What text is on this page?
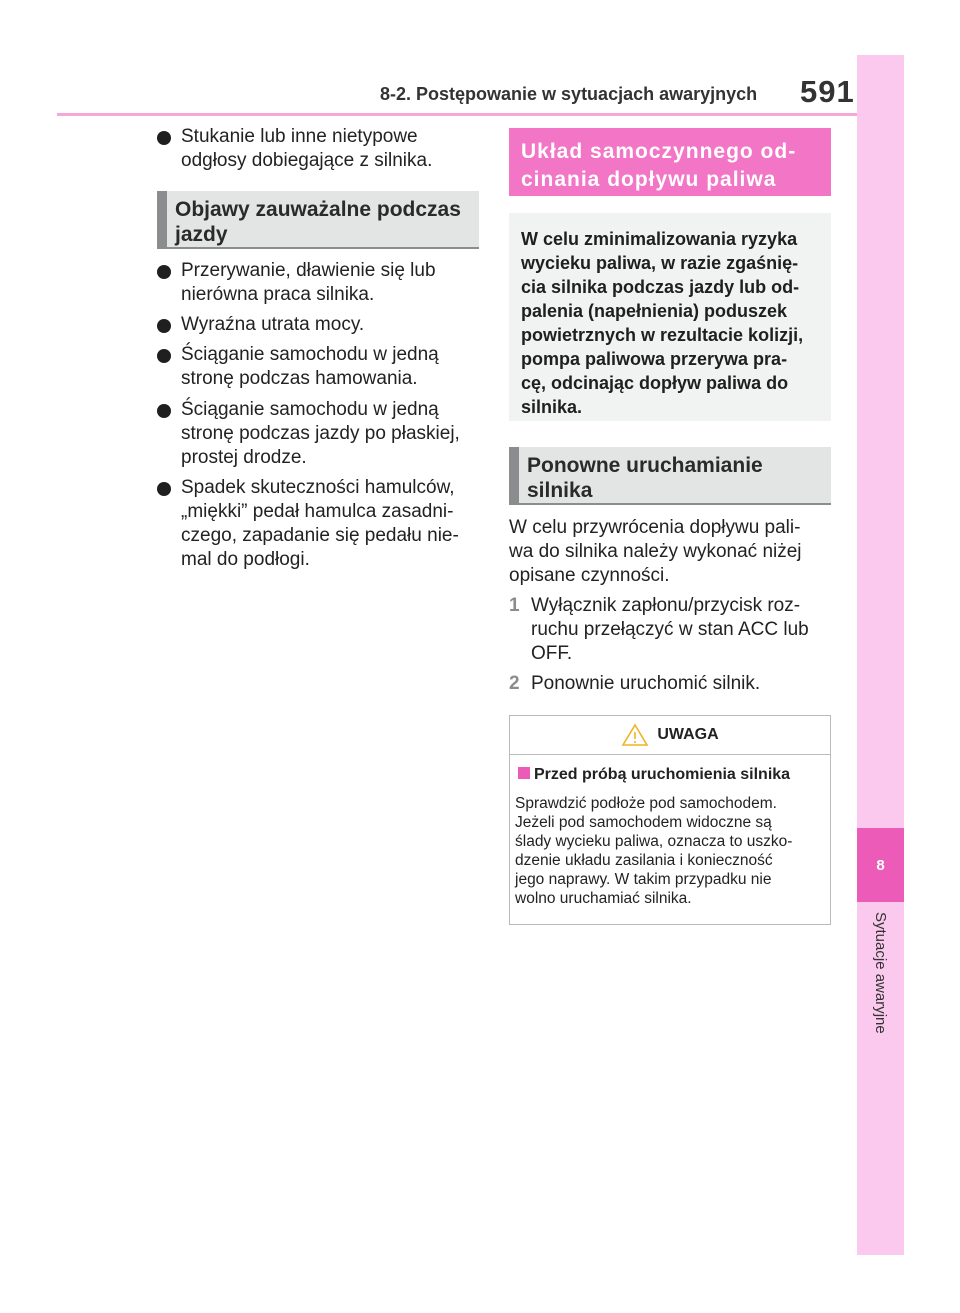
8-2. Postępowanie w sytuacjach awaryjnych 591
8
Sytuacje awaryjne
Stukanie lub inne nietypowe
odgłosy dobiegające z silnika.
Objawy zauważalne podczas
jazdy
Przerywanie, dławienie się lub
nierówna praca silnika.
Wyraźna utrata mocy.
Ściąganie samochodu w jedną
stronę podczas hamowania.
Ściąganie samochodu w jedną
stronę podczas jazdy po płaskiej,
prostej drodze.
Spadek skuteczności hamulców,
„miękki” pedał hamulca zasadni-
czego, zapadanie się pedału nie-
mal do podłogi.
Układ samoczynnego od-
cinania dopływu paliwa
W celu zminimalizowania ryzyka
wycieku paliwa, w razie zgaśnię-
cia silnika podczas jazdy lub od-
palenia (napełnienia) poduszek
powietrznych w rezultacie kolizji,
pompa paliwowa przerywa pra-
cę, odcinając dopływ paliwa do
silnika.
Ponowne uruchamianie
silnika
W celu przywrócenia dopływu pali-
wa do silnika należy wykonać niżej
opisane czynności.
1 Wyłącznik zapłonu/przycisk roz-
ruchu przełączyć w stan ACC lub
OFF.
2 Ponownie uruchomić silnik.
UWAGA
Przed próbą uruchomienia silnika
Sprawdzić podłoże pod samochodem.
Jeżeli pod samochodem widoczne są
ślady wycieku paliwa, oznacza to uszko-
dzenie układu zasilania i konieczność
jego naprawy. W takim przypadku nie
wolno uruchamiać silnika.
